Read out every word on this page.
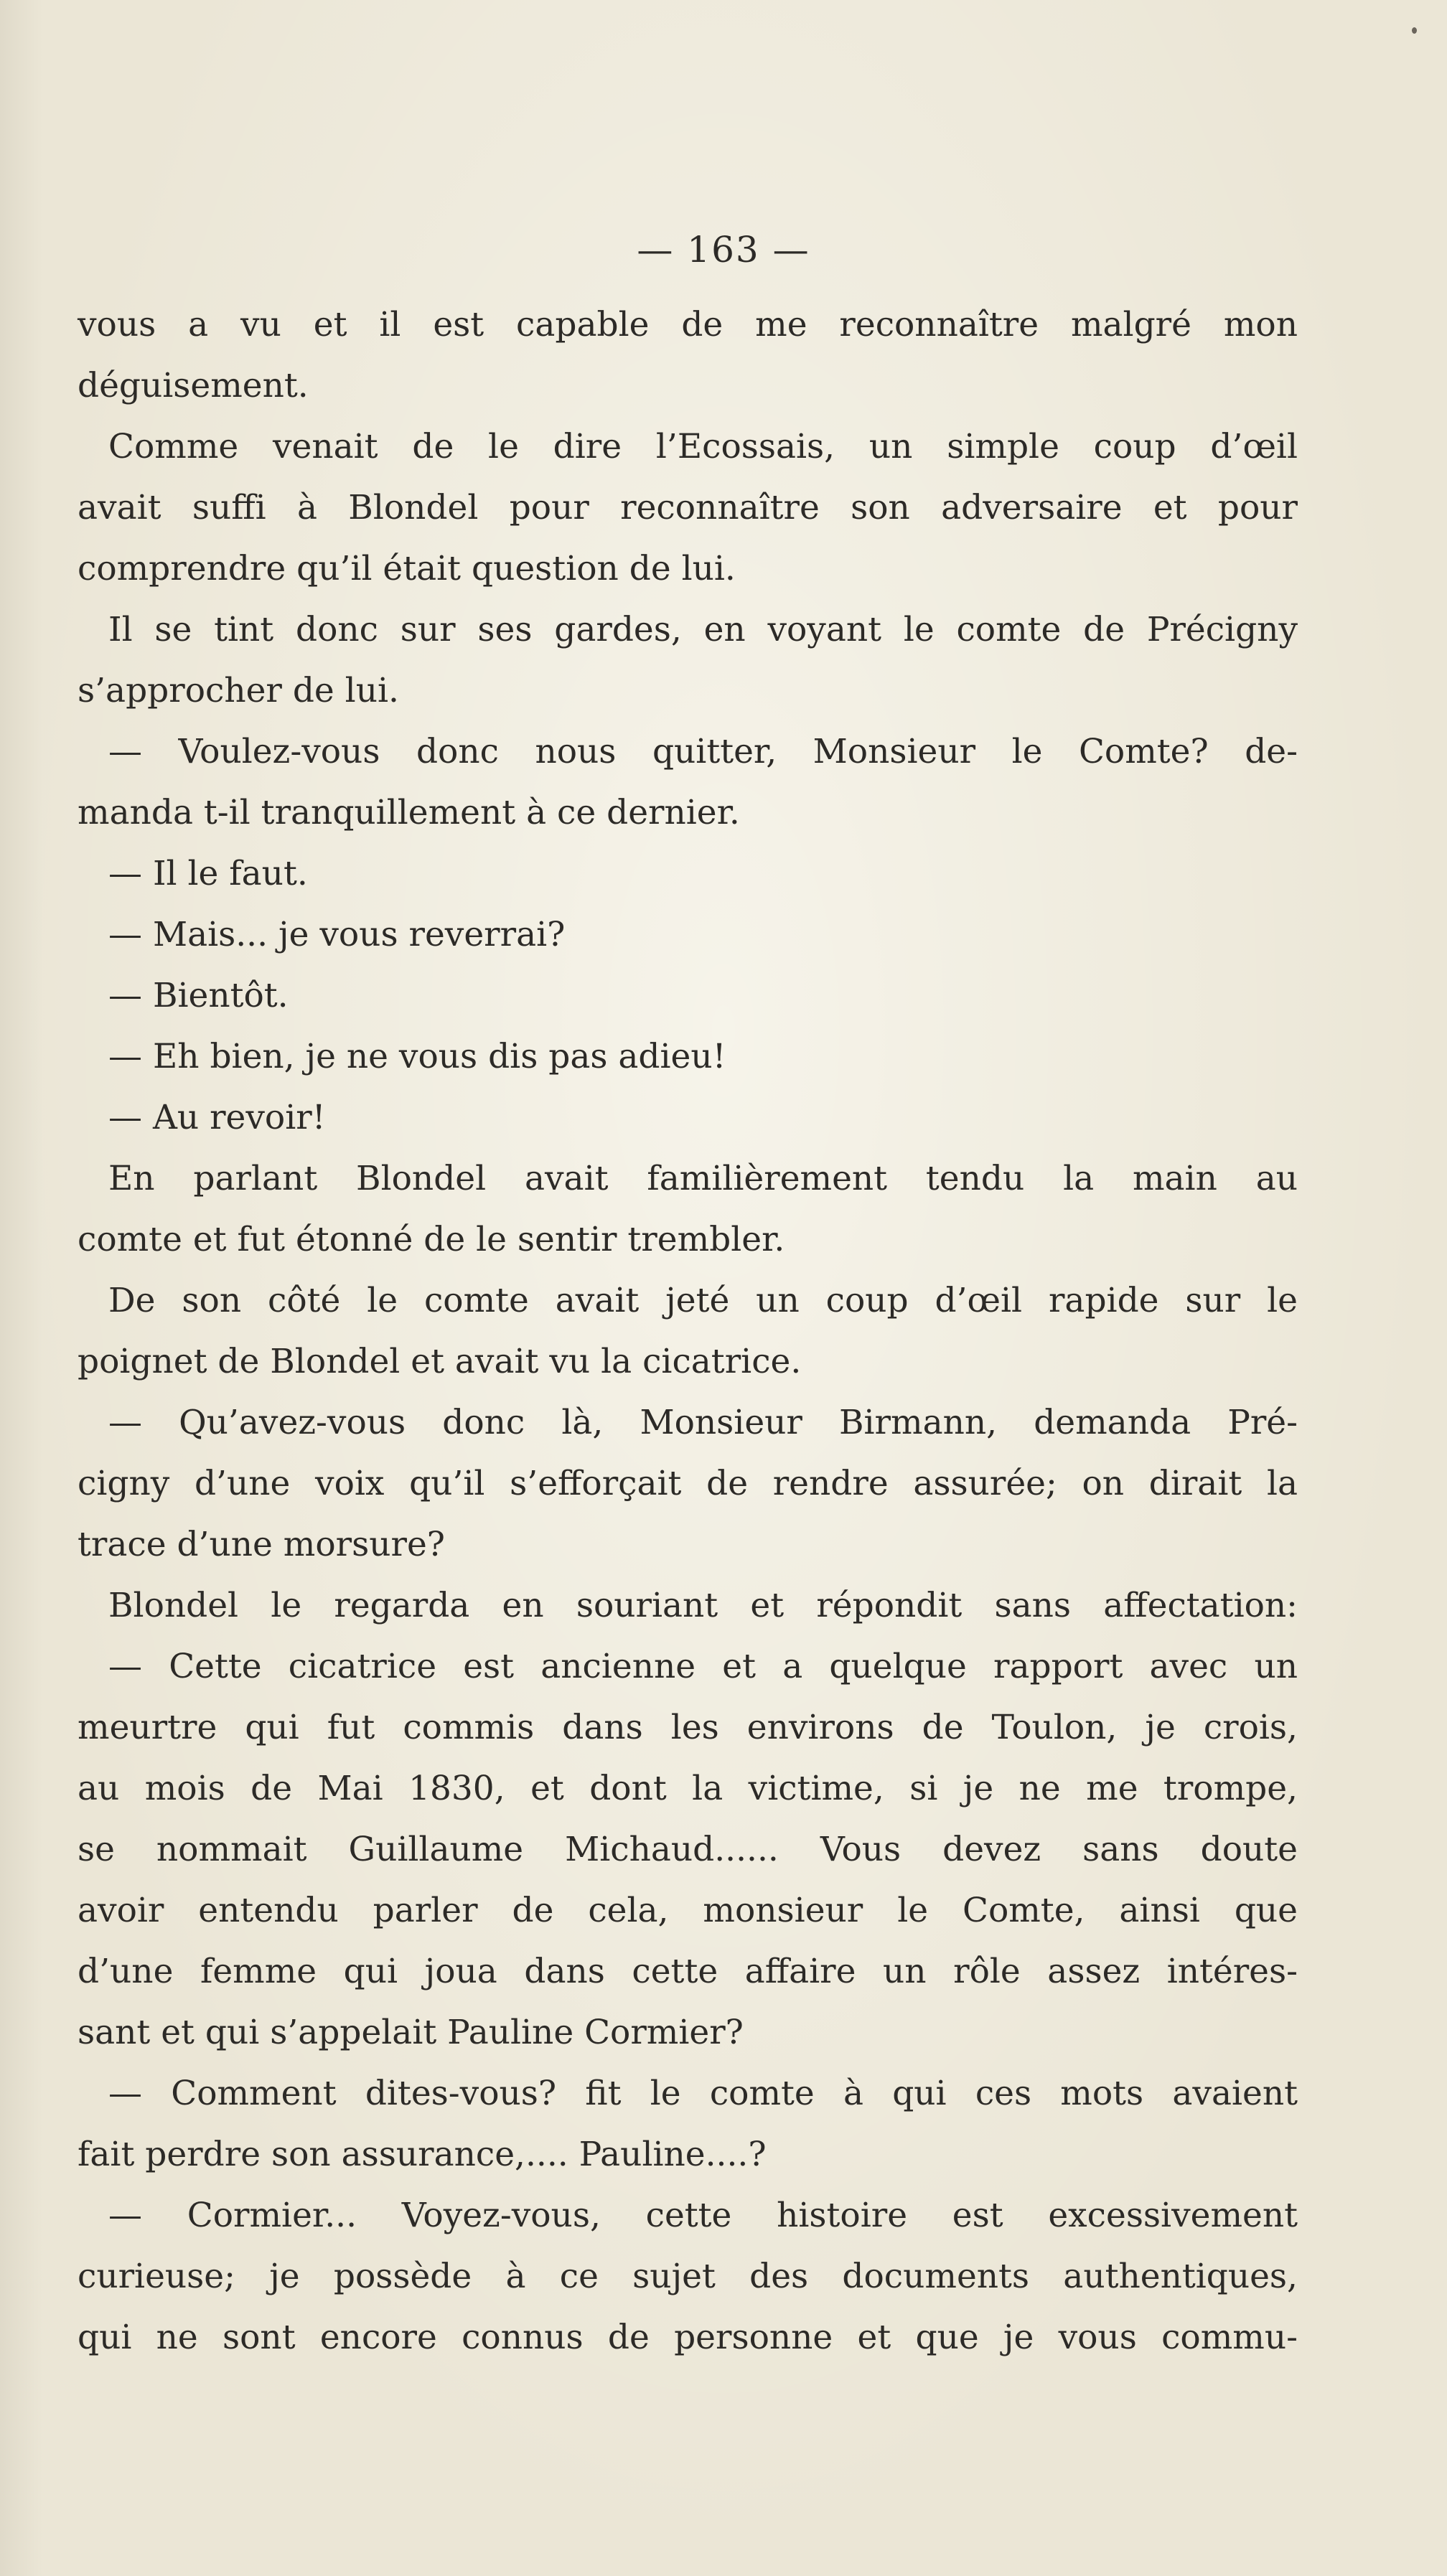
— 163 —
vous a vu et il est capable de me reconnaître malgré mon
déguisement.
Comme venait de le dire l’Ecossais, un simple coup d’œil
avait suffi à Blondel pour reconnaître son adversaire et pour
comprendre qu’il était question de lui.
Il se tint donc sur ses gardes, en voyant le comte de Précigny
s’approcher de lui.
— Voulez-vous donc nous quitter, Monsieur le Comte? de-
manda t-il tranquillement à ce dernier.
— Il le faut.
— Mais... je vous reverrai?
— Bientôt.
— Eh bien, je ne vous dis pas adieu!
— Au revoir!
En parlant Blondel avait familièrement tendu la main au
comte et fut étonné de le sentir trembler.
De son côté le comte avait jeté un coup d’œil rapide sur le
poignet de Blondel et avait vu la cicatrice.
— Qu’avez-vous donc là, Monsieur Birmann, demanda Pré-
cigny d’une voix qu’il s’efforçait de rendre assurée; on dirait la
trace d’une morsure?
Blondel le regarda en souriant et répondit sans affectation:
— Cette cicatrice est ancienne et a quelque rapport avec un
meurtre qui fut commis dans les environs de Toulon, je crois,
au mois de Mai 1830, et dont la victime, si je ne me trompe,
se nommait Guillaume Michaud...... Vous devez sans doute
avoir entendu parler de cela, monsieur le Comte, ainsi que
d’une femme qui joua dans cette affaire un rôle assez intéres-
sant et qui s’appelait Pauline Cormier?
— Comment dites-vous? fit le comte à qui ces mots avaient
fait perdre son assurance,.... Pauline....?
— Cormier... Voyez-vous, cette histoire est excessivement
curieuse; je possède à ce sujet des documents authentiques,
qui ne sont encore connus de personne et que je vous commu-
